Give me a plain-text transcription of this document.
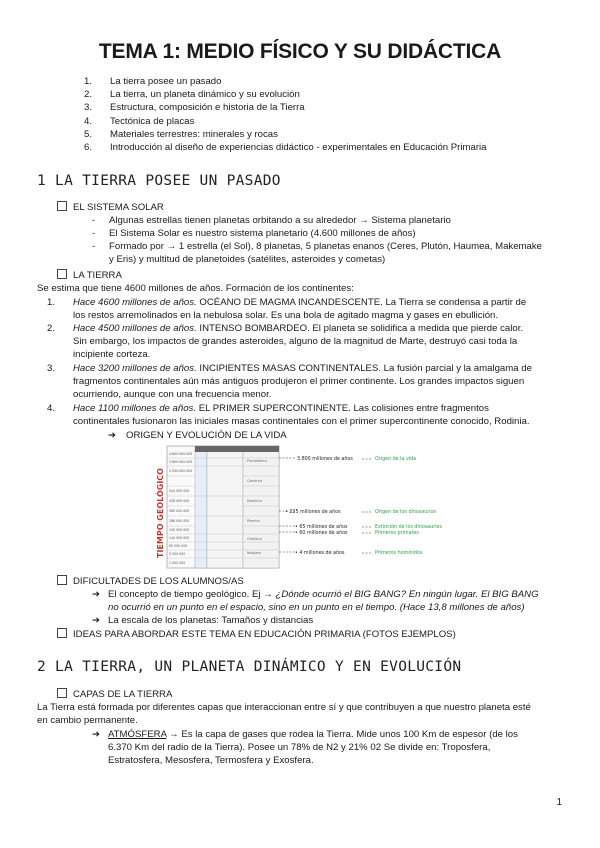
TEMA 1: MEDIO FÍSICO Y SU DIDÁCTICA
1.	La tierra posee un pasado
2.	La tierra, un planeta dinámico y su evolución
3.	Estructura, composición e historia de la Tierra
4.	Tectónica de placas
5.	Materiales terrestres: minerales y rocas
6.	Introducción al diseño de experiencias didáctico - experimentales en Educación Primaria
1 LA TIERRA POSEE UN PASADO
EL SISTEMA SOLAR
- Algunas estrellas tienen planetas orbitando a su alrededor → Sistema planetario
- El Sistema Solar es nuestro sistema planetario (4.600 millones de años)
- Formado por → 1 estrella (el Sol), 8 planetas, 5 planetas enanos (Ceres, Plutón, Haumea, Makemake
y Eris) y multitud de planetoides (satélites, asteroides y cometas)
LA TIERRA
Se estima que tiene 4600 millones de años. Formación de los continentes:
1.	Hace 4600 millones de años. OCÉANO DE MAGMA INCANDESCENTE. La Tierra se condensa a partir de
los restos arremolinados en la nebulosa solar. Es una bola de agitado magma y gases en ebullición.
2.	Hace 4500 millones de años. INTENSO BOMBARDEO. El planeta se solidifica a medida que pierde calor.
Sin embargo, los impactos de grandes asteroides, alguno de la magnitud de Marte, destruyó casi toda la
incipiente corteza.
3.	Hace 3200 millones de años. INCIPIENTES MASAS CONTINENTALES. La fusión parcial y la amalgama de
fragmentos continentales aún más antiguos produjeron el primer continente. Los grandes impactos siguen
ocurriendo, aunque con una frecuencia menor.
4.	Hace 1100 millones de años. EL PRIMER SUPERCONTINENTE. Las colisiones entre fragmentos
continentales fusionaron las iniciales masas continentales con el primer supercontinente conocido, Rodinia.
➔ ORIGEN Y EVOLUCIÓN DE LA VIDA
4.600.000.000
3.800.000.000
2.500.000.000
544 000 000
438 000 000
360 000 000
286 000 000
245 000 000
144 000 000
65 000 000
5 000 000
1 000 000
Precámbrico
Cámbrico
Devónico
Pérmico
Cretácico
Neógeno
TIEMPO GEOLÓGICO
3.800 millones de años	Origen de la vida
• 225 millones de años	Origen de los dinosaurios
• 65 millones de años	Extinción de los dinosaurios
• 60 millones de años	Primeros primates
• 4 millones de años	Primeros homínidos
DIFICULTADES DE LOS ALUMNOS/AS
➔ El concepto de tiempo geológico. Ej → ¿Dónde ocurrió el BIG BANG? En ningún lugar. El BIG BANG
no ocurrió en un punto en el espacio, sino en un punto en el tiempo. (Hace 13,8 millones de años)
➔ La escala de los planetas: Tamaños y distancias
IDEAS PARA ABORDAR ESTE TEMA EN EDUCACIÓN PRIMARIA (FOTOS EJEMPLOS)
2 LA TIERRA, UN PLANETA DINÁMICO Y EN EVOLUCIÓN
CAPAS DE LA TIERRA
La Tierra está formada por diferentes capas que interaccionan entre sí y que contribuyen a que nuestro planeta esté
en cambio permanente.
➔ ATMÓSFERA → Es la capa de gases que rodea la Tierra. Mide unos 100 Km de espesor (de los
6.370 Km del radio de la Tierra). Posee un 78% de N2 y 21% 02 Se divide en: Troposfera,
Estratosfera, Mesosfera, Termosfera y Exosfera.
1
